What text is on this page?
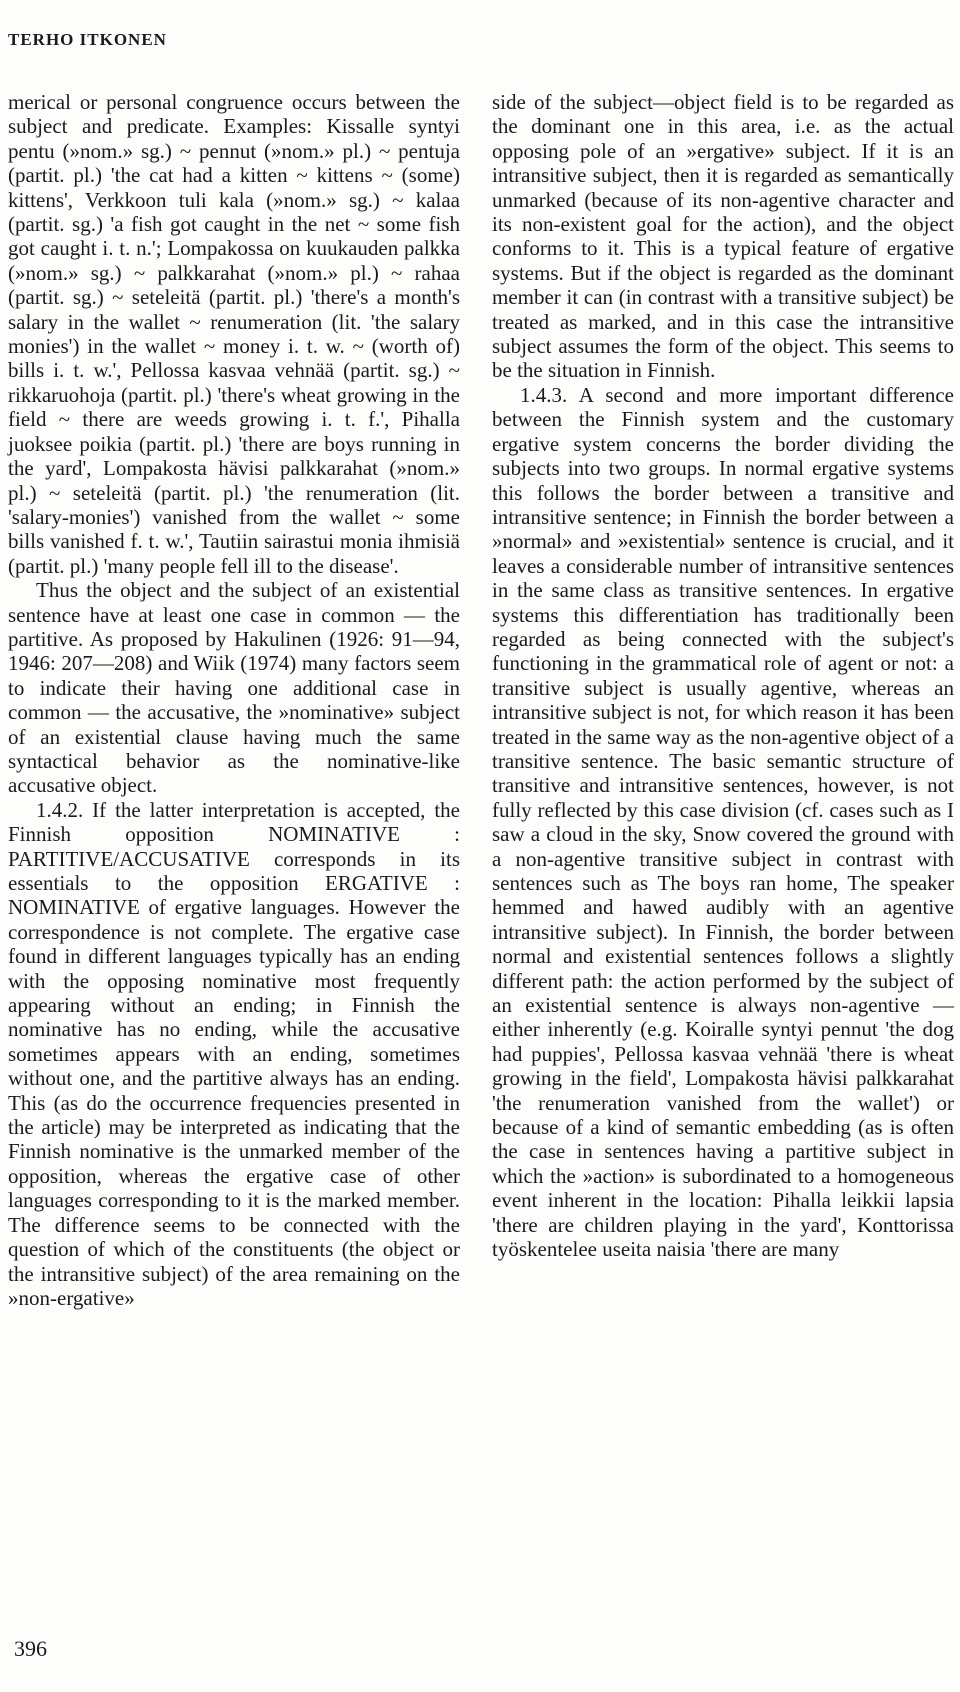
TERHO ITKONEN

merical or personal congruence occurs between the subject and predicate. Examples: Kissalle syntyi pentu (»nom.» sg.) ~ pennut (»nom.» pl.) ~ pentuja (partit. pl.) 'the cat had a kitten ~ kittens ~ (some) kittens', Verkkoon tuli kala (»nom.» sg.) ~ kalaa (partit. sg.) 'a fish got caught in the net ~ some fish got caught i. t. n.'; Lompakossa on kuukauden palkka (»nom.» sg.) ~ palkkarahat (»nom.» pl.) ~ rahaa (partit. sg.) ~ seteleitä (partit. pl.) 'there's a month's salary in the wallet ~ renumeration (lit. 'the salary monies') in the wallet ~ money i. t. w. ~ (worth of) bills i. t. w.', Pellossa kasvaa vehnää (partit. sg.) ~ rikkaruohoja (partit. pl.) 'there's wheat growing in the field ~ there are weeds growing i. t. f.', Pihalla juoksee poikia (partit. pl.) 'there are boys running in the yard', Lompakosta hävisi palkkarahat (»nom.» pl.) ~ seteleitä (partit. pl.) 'the renumeration (lit. 'salary-monies') vanished from the wallet ~ some bills vanished f. t. w.', Tautiin sairastui monia ihmisiä (partit. pl.) 'many people fell ill to the disease'.

Thus the object and the subject of an existential sentence have at least one case in common — the partitive. As proposed by Hakulinen (1926: 91—94, 1946: 207—208) and Wiik (1974) many factors seem to indicate their having one additional case in common — the accusative, the »nominative» subject of an existential clause having much the same syntactical behavior as the nominative-like accusative object.

1.4.2. If the latter interpretation is accepted, the Finnish opposition NOMINATIVE : PARTITIVE/ACCUSATIVE corresponds in its essentials to the opposition ERGATIVE : NOMINATIVE of ergative languages. However the correspondence is not complete. The ergative case found in different languages typically has an ending with the opposing nominative most frequently appearing without an ending; in Finnish the nominative has no ending, while the accusative sometimes appears with an ending, sometimes without one, and the partitive always has an ending. This (as do the occurrence frequencies presented in the article) may be interpreted as indicating that the Finnish nominative is the unmarked member of the opposition, whereas the ergative case of other languages corresponding to it is the marked member. The difference seems to be connected with the question of which of the constituents (the object or the intransitive subject) of the area remaining on the »non-ergative»

side of the subject—object field is to be regarded as the dominant one in this area, i.e. as the actual opposing pole of an »ergative» subject. If it is an intransitive subject, then it is regarded as semantically unmarked (because of its non-agentive character and its non-existent goal for the action), and the object conforms to it. This is a typical feature of ergative systems. But if the object is regarded as the dominant member it can (in contrast with a transitive subject) be treated as marked, and in this case the intransitive subject assumes the form of the object. This seems to be the situation in Finnish.

1.4.3. A second and more important difference between the Finnish system and the customary ergative system concerns the border dividing the subjects into two groups. In normal ergative systems this follows the border between a transitive and intransitive sentence; in Finnish the border between a »normal» and »existential» sentence is crucial, and it leaves a considerable number of intransitive sentences in the same class as transitive sentences. In ergative systems this differentiation has traditionally been regarded as being connected with the subject's functioning in the grammatical role of agent or not: a transitive subject is usually agentive, whereas an intransitive subject is not, for which reason it has been treated in the same way as the non-agentive object of a transitive sentence. The basic semantic structure of transitive and intransitive sentences, however, is not fully reflected by this case division (cf. cases such as I saw a cloud in the sky, Snow covered the ground with a non-agentive transitive subject in contrast with sentences such as The boys ran home, The speaker hemmed and hawed audibly with an agentive intransitive subject). In Finnish, the border between normal and existential sentences follows a slightly different path: the action performed by the subject of an existential sentence is always non-agentive — either inherently (e.g. Koiralle syntyi pennut 'the dog had puppies', Pellossa kasvaa vehnää 'there is wheat growing in the field', Lompakosta hävisi palkkarahat 'the renumeration vanished from the wallet') or because of a kind of semantic embedding (as is often the case in sentences having a partitive subject in which the »action» is subordinated to a homogeneous event inherent in the location: Pihalla leikkii lapsia 'there are children playing in the yard', Konttorissa työskentelee useita naisia 'there are many

396
